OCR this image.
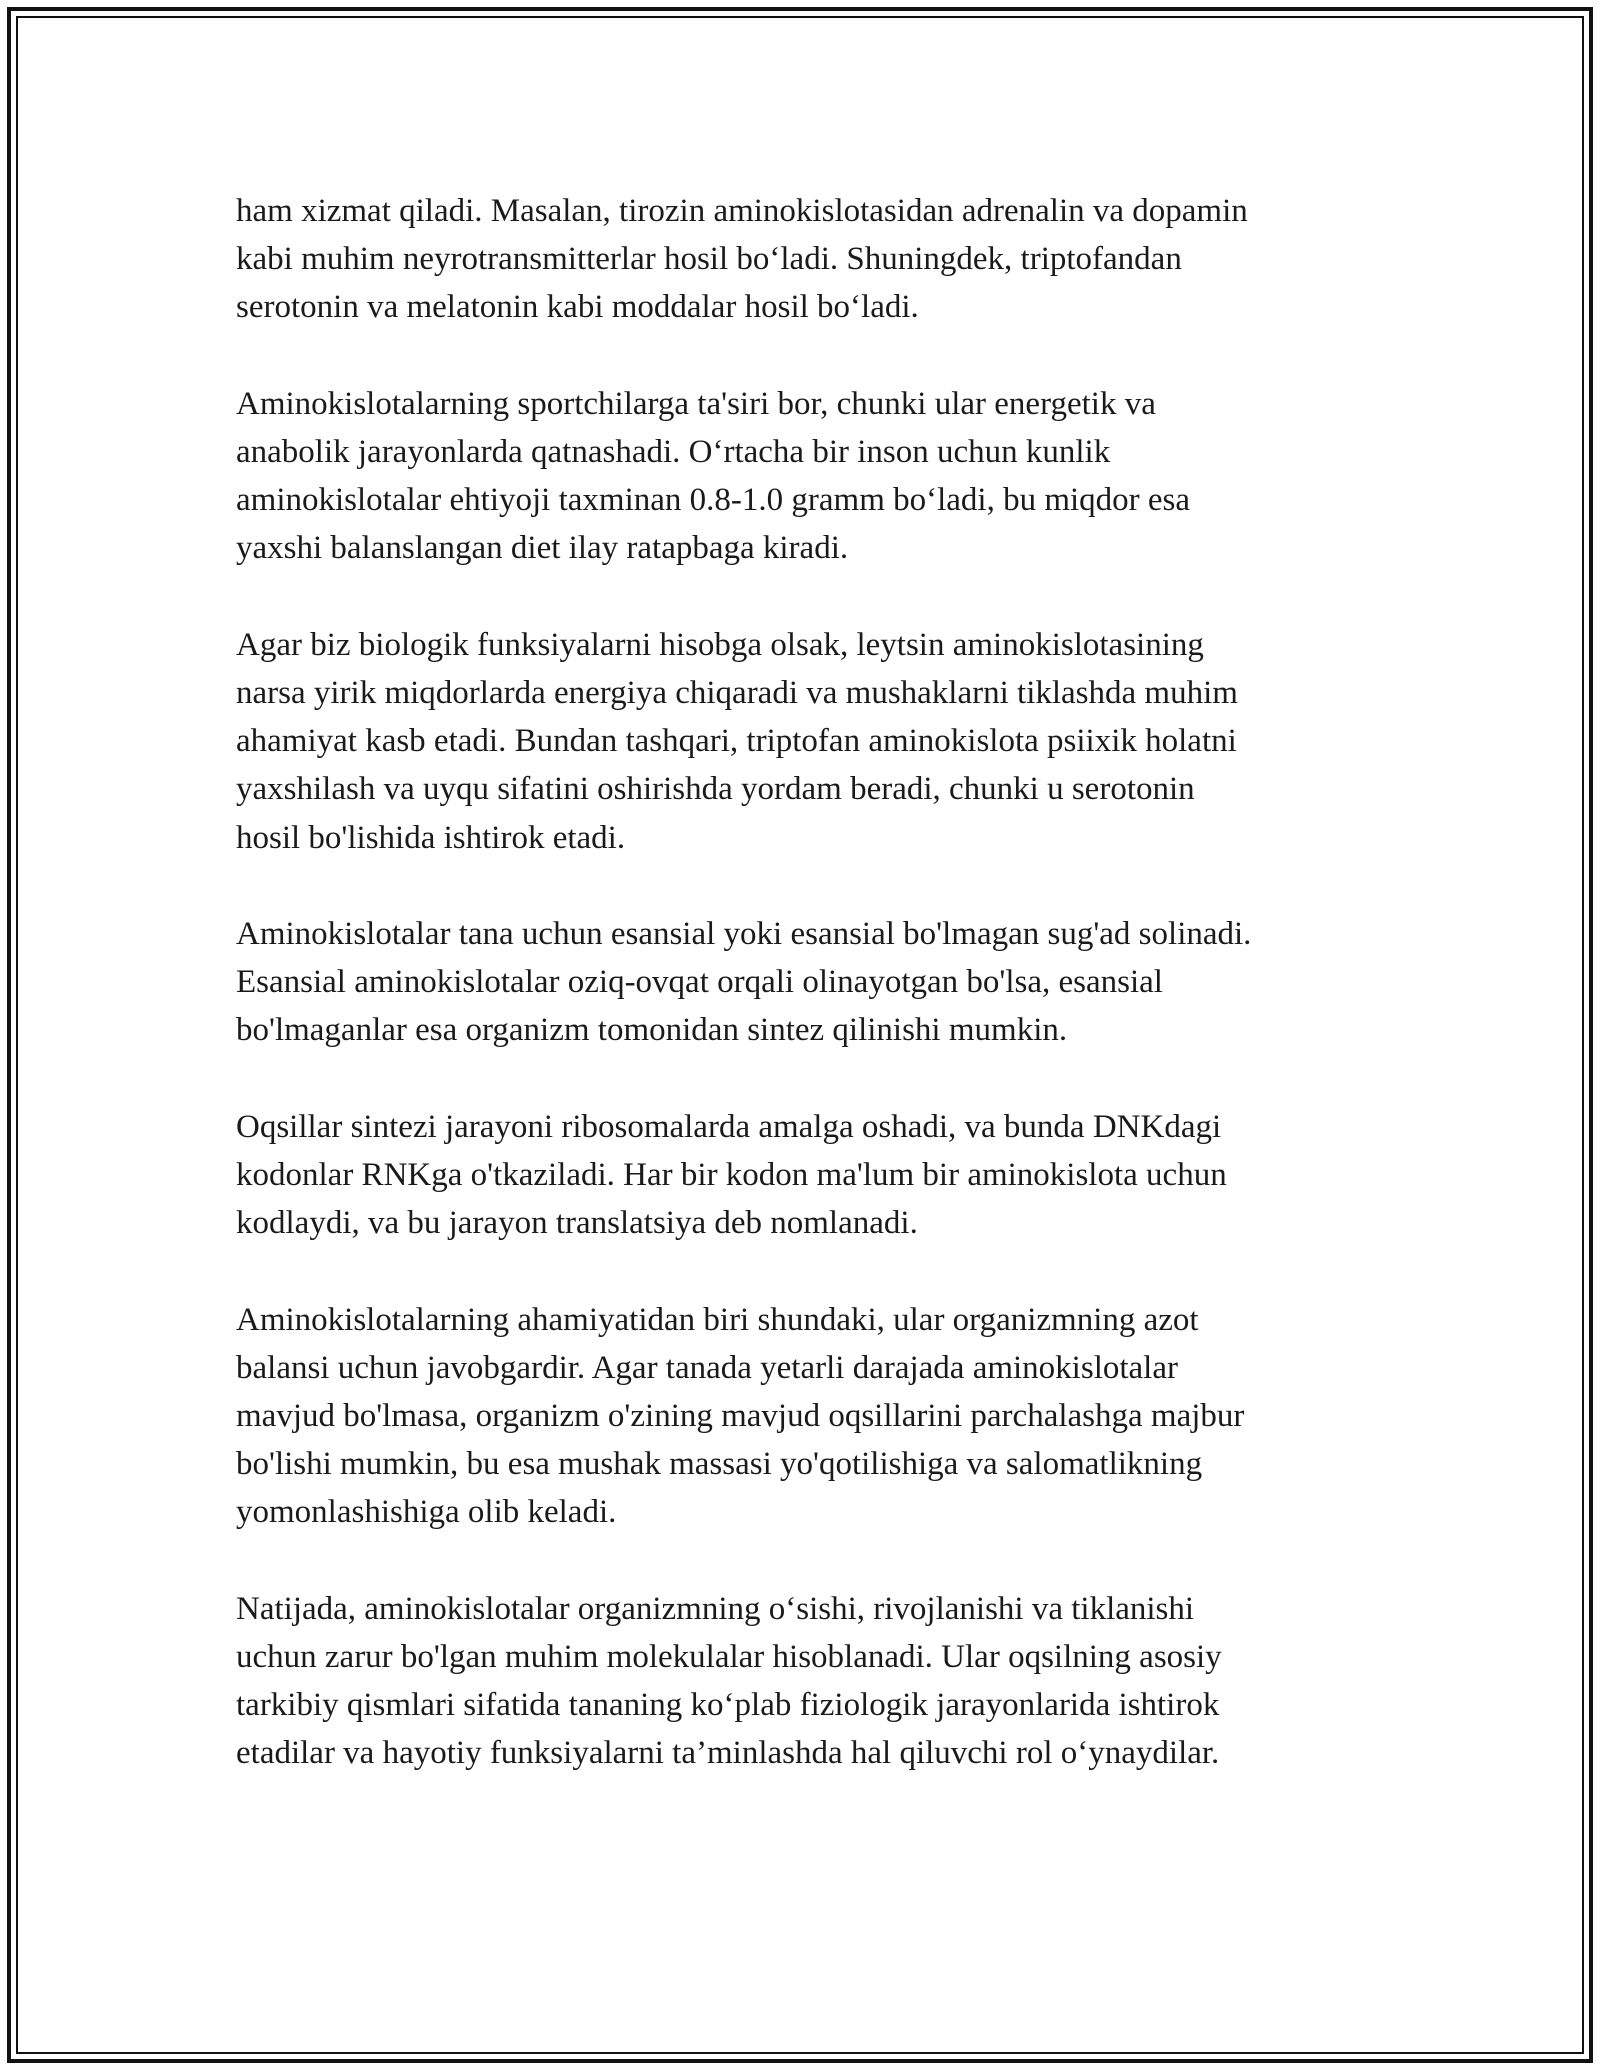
ham xizmat qiladi. Masalan, tirozin aminokislotasidan adrenalin va dopamin
kabi muhim neyrotransmitterlar hosil bo‘ladi. Shuningdek, triptofandan
serotonin va melatonin kabi moddalar hosil bo‘ladi.

Aminokislotalarning sportchilarga ta'siri bor, chunki ular energetik va
anabolik jarayonlarda qatnashadi. O‘rtacha bir inson uchun kunlik
aminokislotalar ehtiyoji taxminan 0.8-1.0 gramm bo‘ladi, bu miqdor esa
yaxshi balanslangan diet ilay ratapbaga kiradi.

Agar biz biologik funksiyalarni hisobga olsak, leytsin aminokislotasining
narsa yirik miqdorlarda energiya chiqaradi va mushaklarni tiklashda muhim
ahamiyat kasb etadi. Bundan tashqari, triptofan aminokislota psiixik holatni
yaxshilash va uyqu sifatini oshirishda yordam beradi, chunki u serotonin
hosil bo'lishida ishtirok etadi.

Aminokislotalar tana uchun esansial yoki esansial bo'lmagan sug'ad solinadi.
Esansial aminokislotalar oziq-ovqat orqali olinayotgan bo'lsa, esansial
bo'lmaganlar esa organizm tomonidan sintez qilinishi mumkin.

Oqsillar sintezi jarayoni ribosomalarda amalga oshadi, va bunda DNKdagi
kodonlar RNKga o'tkaziladi. Har bir kodon ma'lum bir aminokislota uchun
kodlaydi, va bu jarayon translatsiya deb nomlanadi.

Aminokislotalarning ahamiyatidan biri shundaki, ular organizmning azot
balansi uchun javobgardir. Agar tanada yetarli darajada aminokislotalar
mavjud bo'lmasa, organizm o'zining mavjud oqsillarini parchalashga majbur
bo'lishi mumkin, bu esa mushak massasi yo'qotilishiga va salomatlikning
yomonlashishiga olib keladi.

Natijada, aminokislotalar organizmning o‘sishi, rivojlanishi va tiklanishi
uchun zarur bo'lgan muhim molekulalar hisoblanadi. Ular oqsilning asosiy
tarkibiy qismlari sifatida tananing ko‘plab fiziologik jarayonlarida ishtirok
etadilar va hayotiy funksiyalarni ta’minlashda hal qiluvchi rol o‘ynaydilar.
